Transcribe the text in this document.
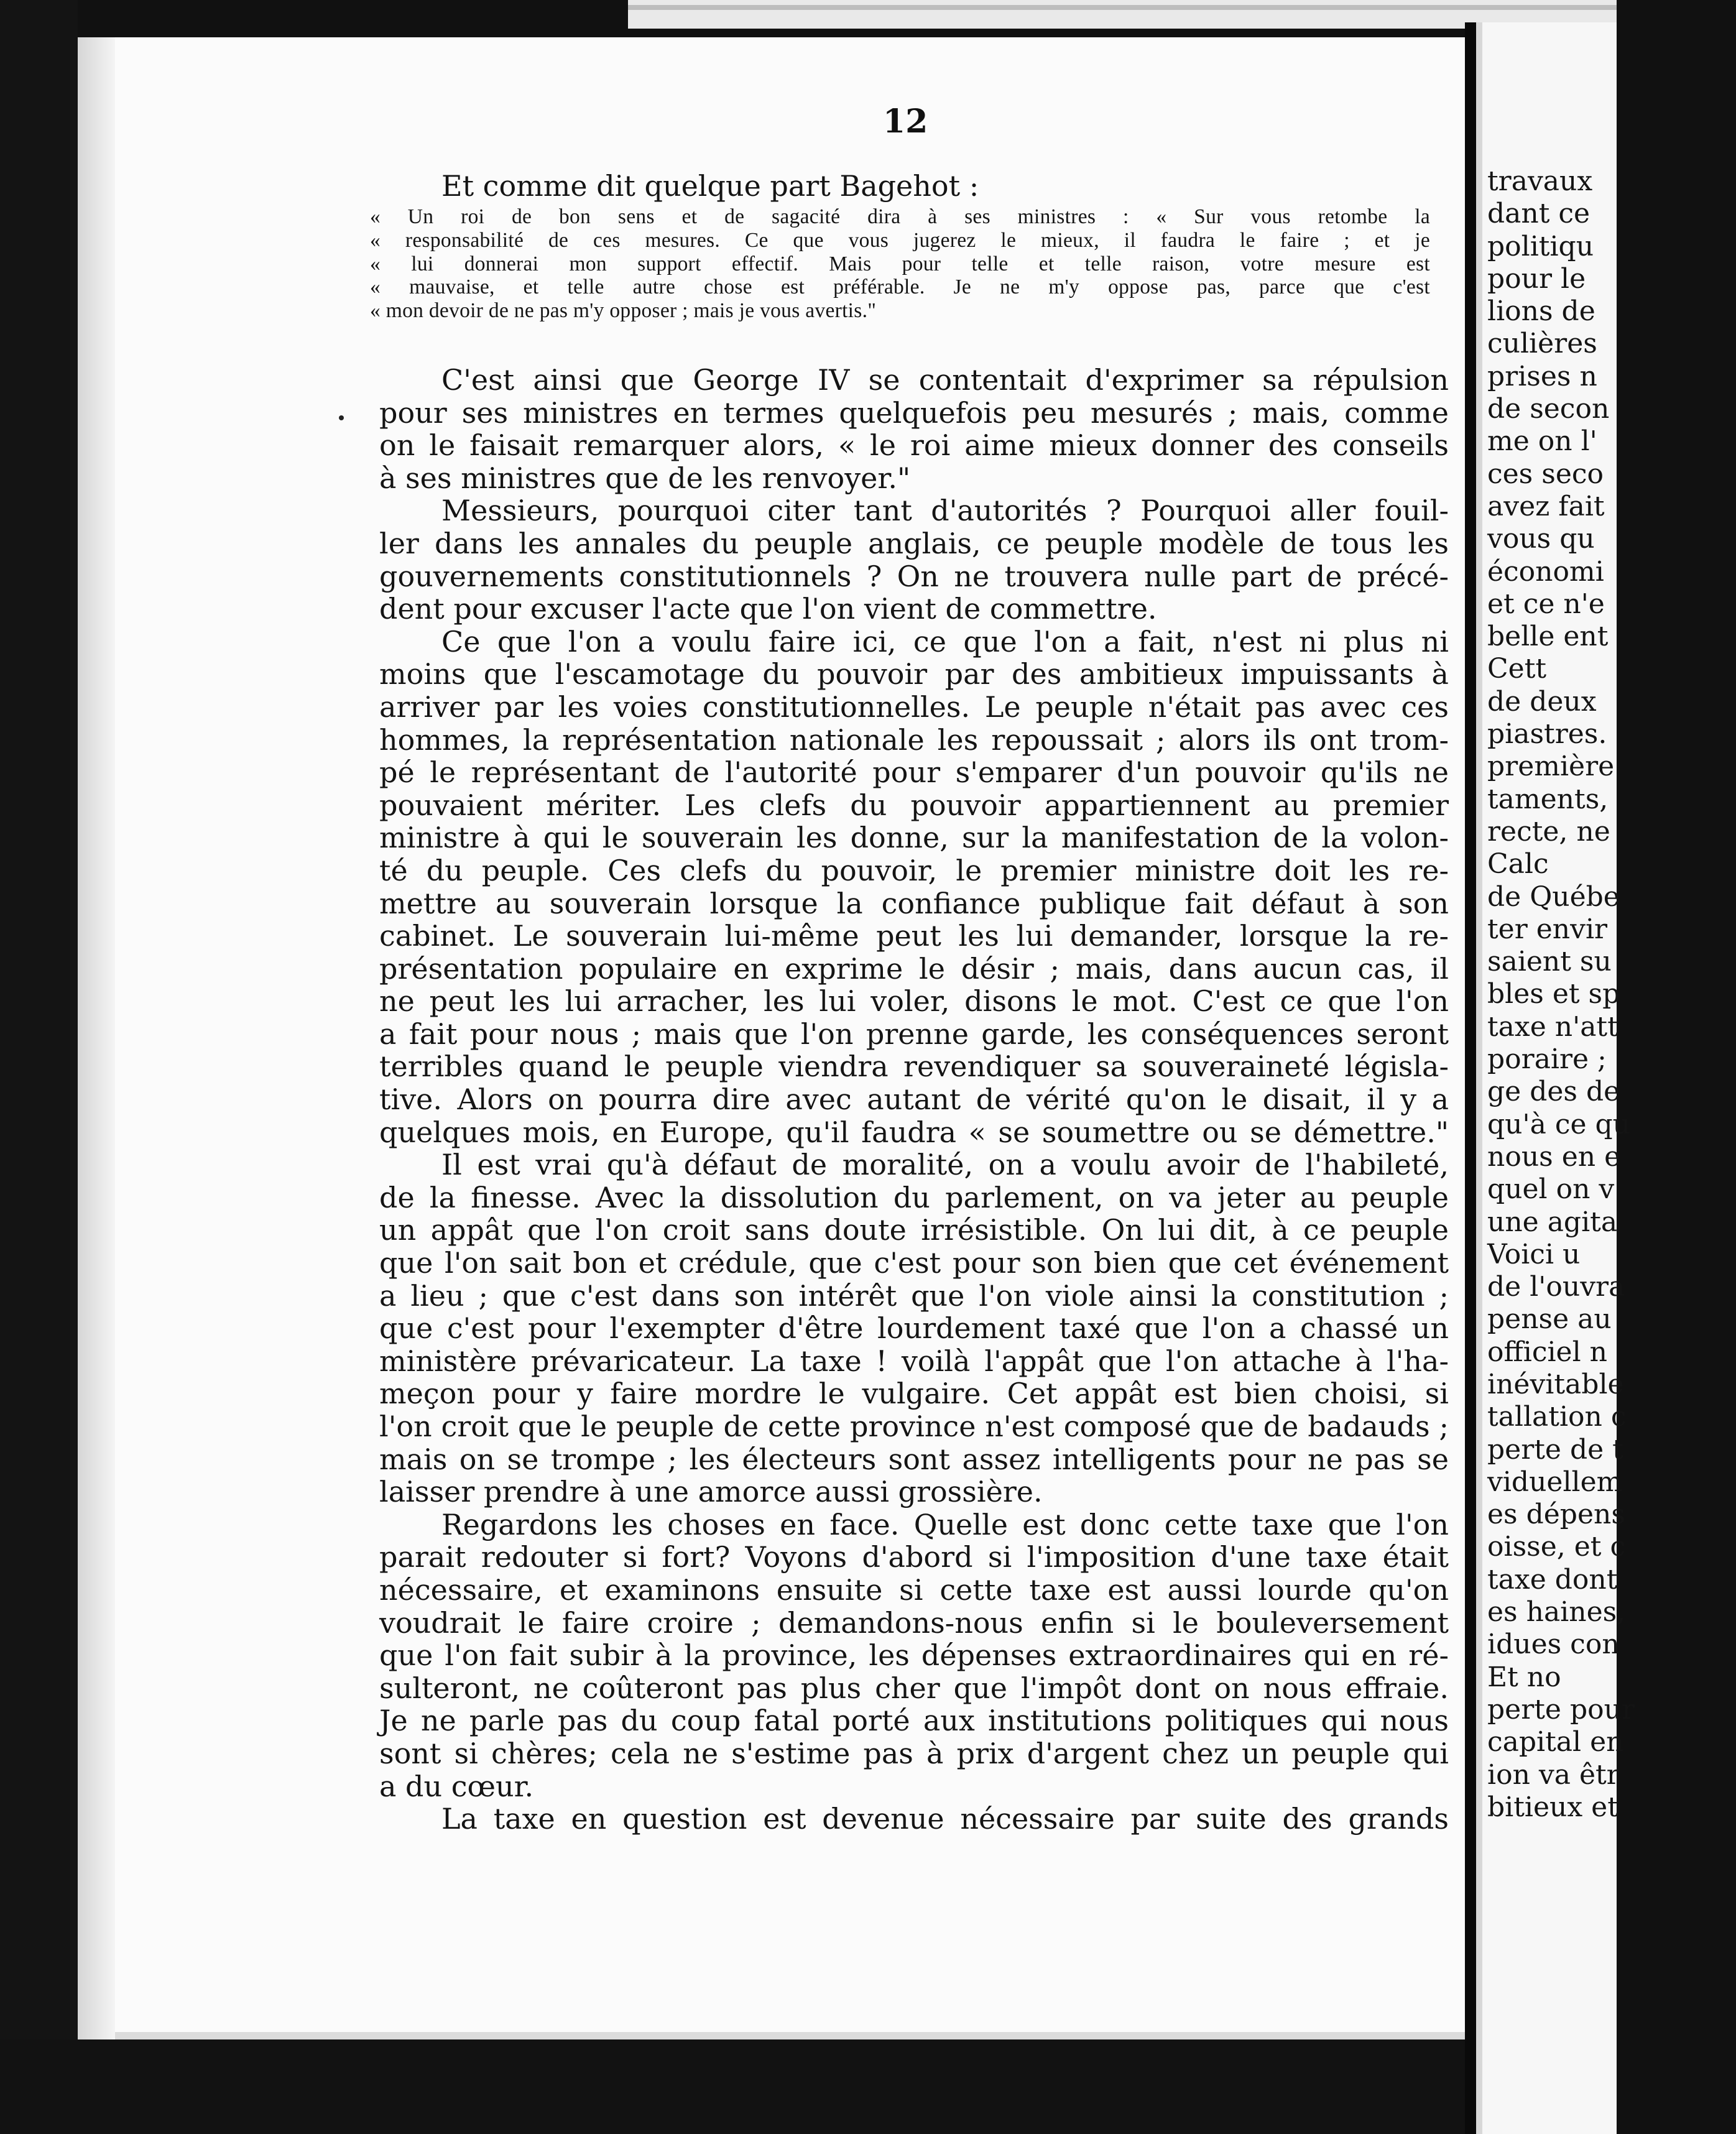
12
Et comme dit quelque part Bagehot :
« Un roi de bon sens et de sagacité dira à ses ministres : « Sur vous retombe la
« responsabilité de ces mesures. Ce que vous jugerez le mieux, il faudra le faire ; et je
« lui donnerai mon support effectif. Mais pour telle et telle raison, votre mesure est
« mauvaise, et telle autre chose est préférable. Je ne m'y oppose pas, parce que c'est
« mon devoir de ne pas m'y opposer ; mais je vous avertis."
C'est ainsi que George IV se contentait d'exprimer sa répulsion
pour ses ministres en termes quelquefois peu mesurés ; mais, comme
on le faisait remarquer alors, « le roi aime mieux donner des conseils
à ses ministres que de les renvoyer."
Messieurs, pourquoi citer tant d'autorités ? Pourquoi aller fouil-
ler dans les annales du peuple anglais, ce peuple modèle de tous les
gouvernements constitutionnels ? On ne trouvera nulle part de précé-
dent pour excuser l'acte que l'on vient de commettre.
Ce que l'on a voulu faire ici, ce que l'on a fait, n'est ni plus ni
moins que l'escamotage du pouvoir par des ambitieux impuissants à
arriver par les voies constitutionnelles. Le peuple n'était pas avec ces
hommes, la représentation nationale les repoussait ; alors ils ont trom-
pé le représentant de l'autorité pour s'emparer d'un pouvoir qu'ils ne
pouvaient mériter. Les clefs du pouvoir appartiennent au premier
ministre à qui le souverain les donne, sur la manifestation de la volon-
té du peuple. Ces clefs du pouvoir, le premier ministre doit les re-
mettre au souverain lorsque la confiance publique fait défaut à son
cabinet. Le souverain lui-même peut les lui demander, lorsque la re-
présentation populaire en exprime le désir ; mais, dans aucun cas, il
ne peut les lui arracher, les lui voler, disons le mot. C'est ce que l'on
a fait pour nous ; mais que l'on prenne garde, les conséquences seront
terribles quand le peuple viendra revendiquer sa souveraineté législa-
tive. Alors on pourra dire avec autant de vérité qu'on le disait, il y a
quelques mois, en Europe, qu'il faudra « se soumettre ou se démettre."
Il est vrai qu'à défaut de moralité, on a voulu avoir de l'habileté,
de la finesse. Avec la dissolution du parlement, on va jeter au peuple
un appât que l'on croit sans doute irrésistible. On lui dit, à ce peuple
que l'on sait bon et crédule, que c'est pour son bien que cet événement
a lieu ; que c'est dans son intérêt que l'on viole ainsi la constitution ;
que c'est pour l'exempter d'être lourdement taxé que l'on a chassé un
ministère prévaricateur. La taxe ! voilà l'appât que l'on attache à l'ha-
meçon pour y faire mordre le vulgaire. Cet appât est bien choisi, si
l'on croit que le peuple de cette province n'est composé que de badauds ;
mais on se trompe ; les électeurs sont assez intelligents pour ne pas se
laisser prendre à une amorce aussi grossière.
Regardons les choses en face. Quelle est donc cette taxe que l'on
parait redouter si fort? Voyons d'abord si l'imposition d'une taxe était
nécessaire, et examinons ensuite si cette taxe est aussi lourde qu'on
voudrait le faire croire ; demandons-nous enfin si le bouleversement
que l'on fait subir à la province, les dépenses extraordinaires qui en ré-
sulteront, ne coûteront pas plus cher que l'impôt dont on nous effraie.
Je ne parle pas du coup fatal porté aux institutions politiques qui nous
sont si chères; cela ne s'estime pas à prix d'argent chez un peuple qui
a du cœur.
La taxe en question est devenue nécessaire par suite des grands
travaux
dant ce
politiqu
pour le
lions de
culières
prises n
de secon
me on l'
ces seco
avez fait
vous qu
économi
et ce n'e
belle ent
Cett
de deux
piastres.
première
taments,
recte, ne
Calc
de Québe
ter envir
saient su
bles et sp
taxe n'att
poraire ;
ge des de
qu'à ce qu
nous en e
quel on v
une agita
Voici u
de l'ouvra
pense au
officiel n
inévitable
tallation c
perte de t
viduellem
es dépens
oisse, et c
taxe dont
es haines,
idues con
Et no
perte pour
capital en
ion va êtr
bitieux et
